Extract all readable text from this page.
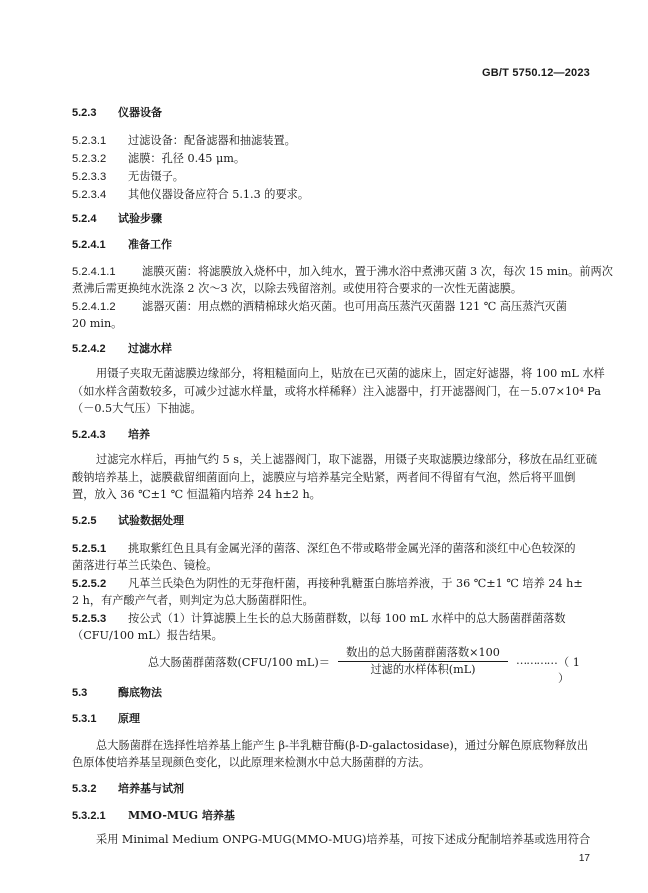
GB/T 5750.12—2023
5.2.3 仪器设备
5.2.3.1 过滤设备：配备滤器和抽滤装置。
5.2.3.2 滤膜：孔径 0.45 μm。
5.2.3.3 无齿镊子。
5.2.3.4 其他仪器设备应符合 5.1.3 的要求。
5.2.4 试验步骤
5.2.4.1 准备工作
5.2.4.1.1 滤膜灭菌：将滤膜放入烧杯中，加入纯水，置于沸水浴中煮沸灭菌 3 次，每次 15 min。前两次
煮沸后需更换纯水洗涤 2 次～3 次，以除去残留溶剂。或使用符合要求的一次性无菌滤膜。
5.2.4.1.2 滤器灭菌：用点燃的酒精棉球火焰灭菌。也可用高压蒸汽灭菌器 121 ℃ 高压蒸汽灭菌
20 min。
5.2.4.2 过滤水样
用镊子夹取无菌滤膜边缘部分，将粗糙面向上，贴放在已灭菌的滤床上，固定好滤器，将 100 mL 水样
（如水样含菌数较多，可减少过滤水样量，或将水样稀释）注入滤器中，打开滤器阀门，在－5.07×10⁴ Pa
（－0.5大气压）下抽滤。
5.2.4.3 培养
过滤完水样后，再抽气约 5 s，关上滤器阀门，取下滤器，用镊子夹取滤膜边缘部分，移放在品红亚硫
酸钠培养基上，滤膜截留细菌面向上，滤膜应与培养基完全贴紧，两者间不得留有气泡，然后将平皿倒
置，放入 36 ℃±1 ℃ 恒温箱内培养 24 h±2 h。
5.2.5 试验数据处理
5.2.5.1 挑取紫红色且具有金属光泽的菌落、深红色不带或略带金属光泽的菌落和淡红中心色较深的
菌落进行革兰氏染色、镜检。
5.2.5.2 凡革兰氏染色为阴性的无芽孢杆菌，再接种乳糖蛋白胨培养液，于 36 ℃±1 ℃ 培养 24 h±
2 h，有产酸产气者，则判定为总大肠菌群阳性。
5.2.5.3 按公式（1）计算滤膜上生长的总大肠菌群数，以每 100 mL 水样中的总大肠菌群菌落数
（CFU/100 mL）报告结果。
总大肠菌群菌落数(CFU/100 mL)＝
数出的总大肠菌群菌落数×100
过滤的水样体积(mL)
………… （ 1 ）
5.3	酶底物法
5.3.1 原理
总大肠菌群在选择性培养基上能产生 β-半乳糖苷酶(β-D-galactosidase)，通过分解色原底物释放出
色原体使培养基呈现颜色变化，以此原理来检测水中总大肠菌群的方法。
5.3.2 培养基与试剂
5.3.2.1 MMO-MUG 培养基
采用 Minimal Medium ONPG-MUG(MMO-MUG)培养基，可按下述成分配制培养基或选用符合
17
